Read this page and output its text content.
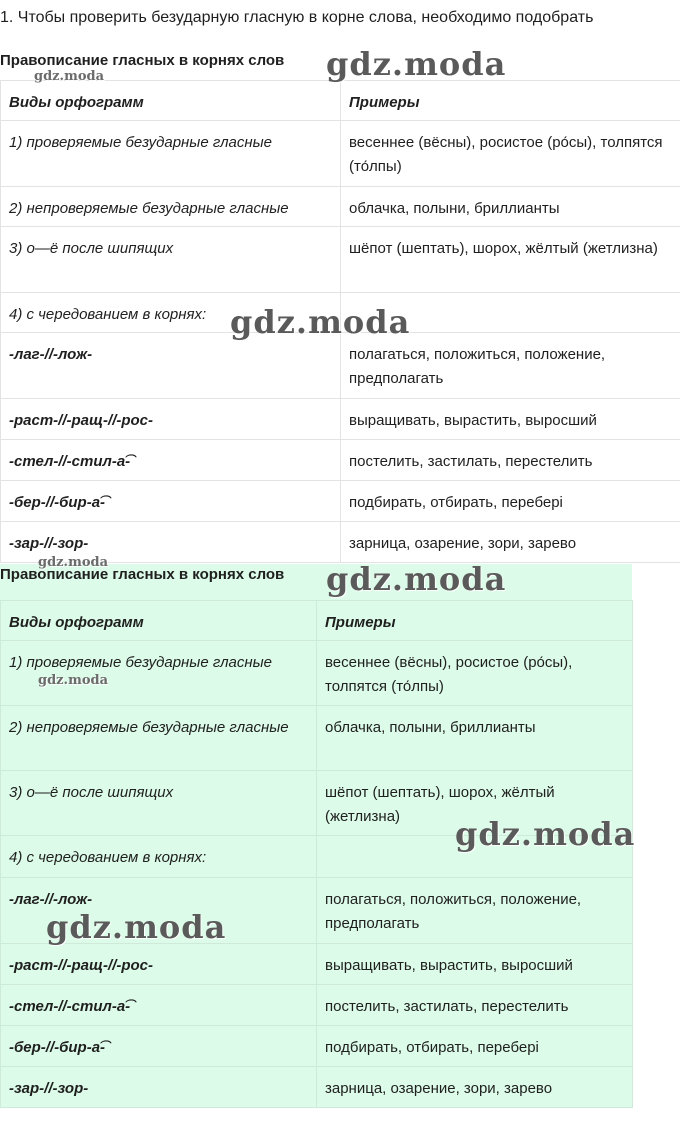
1. Чтобы проверить безударную гласную в корне слова, необходимо подобрать
Правописание гласных в корнях слов
Виды орфограмм	Примеры
1) проверяемые безударные гласные	весеннее (вёсны), росистое (ро́сы), толпятся (то́лпы)
2) непроверяемые безударные гласные	облачка, полыни, бриллианты
3) о—ё после шипящих	шёпот (шептать), шорох, жёлтый (жетлизна)
4) с чередованием в корнях:	
-лаг-//-лож-	полагаться, положиться, положение, предполагать
-раст-//-ращ-//-рос-	выращивать, вырастить, выросший
-стел-//-стил-а͡-	постелить, застилать, перестелить
-бер-//-бир-а͡-	подбирать, отбирать, переберi
-зар-//-зор-	зарница, озарение, зори, зарево
Правописание гласных в корнях слов
Виды орфограмм	Примеры
1) проверяемые безударные гласные	весеннее (вёсны), росистое (ро́сы), толпятся (то́лпы)
2) непроверяемые безударные гласные	облачка, полыни, бриллианты
3) о—ё после шипящих	шёпот (шептать), шорох, жёлтый (жетлизна)
4) с чередованием в корнях:	
-лаг-//-лож-	полагаться, положиться, положение, предполагать
-раст-//-ращ-//-рос-	выращивать, вырастить, выросший
-стел-//-стил-а͡-	постелить, застилать, перестелить
-бер-//-бир-а͡-	подбирать, отбирать, переберi
-зар-//-зор-	зарница, озарение, зори, зарево
gdz.moda
gdz.moda
gdz.moda
gdz.moda	gdz.moda
gdz.moda
gdz.moda
gdz.moda
